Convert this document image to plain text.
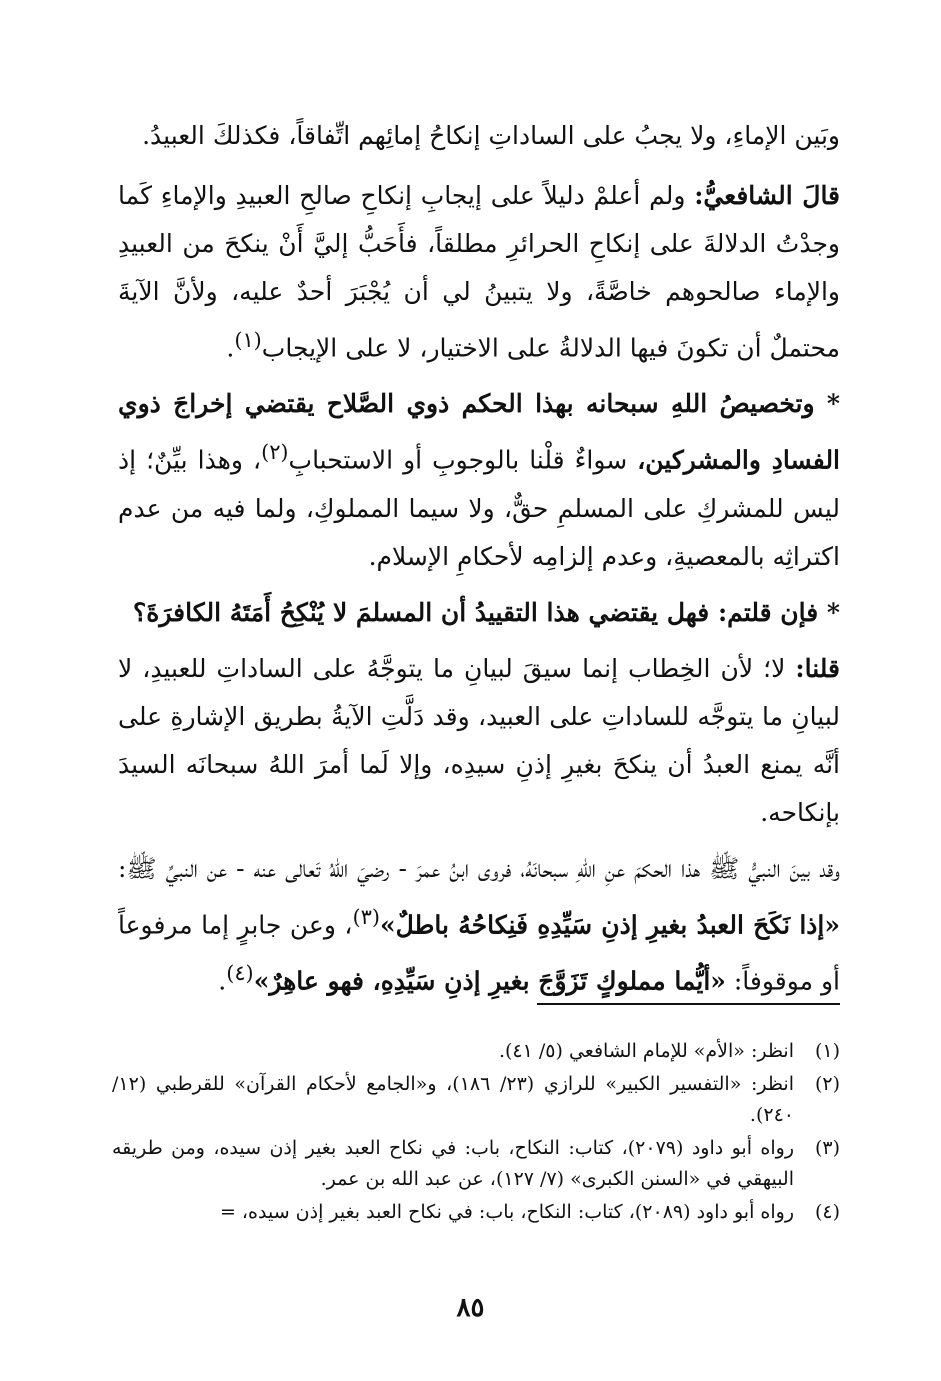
وبَين الإماءِ، ولا يجبُ على الساداتِ إنكاحُ إمائِهم اتِّفاقاً، فكذلكَ العبيدُ.

قالَ الشافعيُّ: ولم أعلمْ دليلاً على إيجابِ إنكاحِ صالحِ العبيدِ والإماءِ كَما وجدْتُ الدلالةَ على إنكاحِ الحرائرِ مطلقاً، فأَحَبُّ إليَّ أَنْ ينكحَ من العبيدِ والإماء صالحوهم خاصَّةً، ولا يتبينُ لي أن يُجْبَرَ أحدٌ عليه، ولأنَّ الآيةَ محتملٌ أن تكونَ فيها الدلالةُ على الاختيار، لا على الإيجاب$^{(١)}$.

* وتخصيصُ اللهِ سبحانه بهذا الحكم ذوي الصَّلاح يقتضي إخراجَ ذوي الفسادِ والمشركين، سواءٌ قلْنا بالوجوبِ أو الاستحبابِ$^{(٢)}$، وهذا بيِّنٌ؛ إذ ليس للمشركِ على المسلمِ حقٌّ، ولا سيما المملوكِ، ولما فيه من عدم اكتراثِه بالمعصيةِ، وعدم إلزامِه لأحكامِ الإسلام.

* فإن قلتم: فهل يقتضي هذا التقييدُ أن المسلمَ لا يُنْكِحُ أَمَتَهُ الكافرَةَ؟

قلنا: لا؛ لأن الخِطاب إنما سيقَ لبيانِ ما يتوجَّهُ على الساداتِ للعبيدِ، لا لبيانِ ما يتوجَّه للساداتِ على العبيد، وقد دَلَّتِ الآيةُ بطريق الإشارةِ على أنَّه يمنع العبدُ أن ينكحَ بغيرِ إذنِ سيدِه، وإلا لَما أمرَ اللهُ سبحانَه السيدَ بإنكاحه.

وقد بينَ النبيُّ ﷺ هذا الحكمَ عنِ اللهِ سبحانَهُ، فروى ابنُ عمرَ - رضيَ اللهُ تَعالى عنه - عن النبيِّ ﷺ: «إذا نَكَحَ العبدُ بغيرِ إذنِ سَيِّدِهِ فَنِكاحُهُ باطلٌ»$^{(٣)}$، وعن جابرٍ إما مرفوعاً أو موقوفاً: «أيُّما مملوكٍ تَزَوَّجَ بغيرِ إذنِ سَيِّدِهِ، فهو عاهِرٌ»$^{(٤)}$.

(١)
انظر: «الأم» للإمام الشافعي (٥/ ٤١).
(٢)
انظر: «التفسير الكبير» للرازي (٢٣/ ١٨٦)، و«الجامع لأحكام القرآن» للقرطبي (١٢/ ٢٤٠).
(٣)
رواه أبو داود (٢٠٧٩)، كتاب: النكاح، باب: في نكاح العبد بغير إذن سيده، ومن طريقه البيهقي في «السنن الكبرى» (٧/ ١٢٧)، عن عبد الله بن عمر.
(٤)
رواه أبو داود (٢٠٨٩)، كتاب: النكاح، باب: في نكاح العبد بغير إذن سيده، =
٨٥
